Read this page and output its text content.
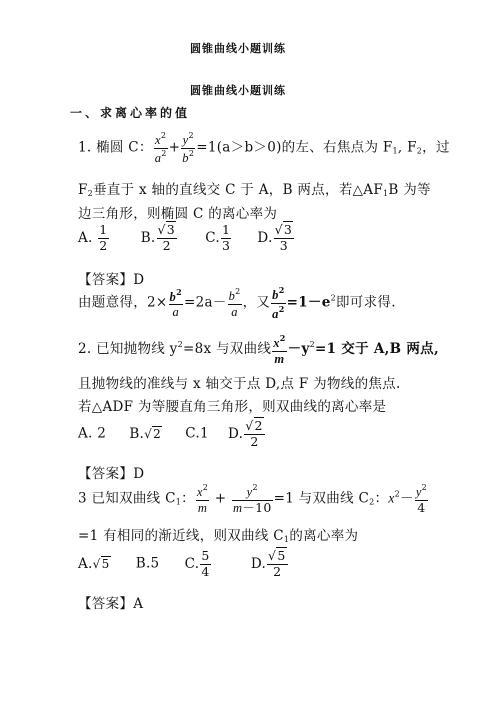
圆锥曲线小题训练
圆锥曲线小题训练
一、求离心率的值
1. 椭圆 C： $\frac{x^2}{a^2} + \frac{y^2}{b^2} =1(a>b>0)$的左、右焦点为 $F_1$, $F_2$，过
$F_2$垂直于 x 轴的直线交 C 于 A，B 两点，若$\triangle AF_1B$ 为等
边三角形，则椭圆 C 的离心率为
A. $\frac{1}{2} B$. $\frac{√3}{2} C$. $\frac{1}{3} D$. $\frac{√3}{3}$
【答案】D
由题意得，$2\times \frac{b^2}{a} =2a- \frac{b^2}{a}$ ，又 $\frac{b^2}{a^2} =1-e^2$即可求得.
2. 已知抛物线 $y^2=8x$ 与双曲线 $\frac{x^2}{m} -y^2=1$ 交于 A,B 两点,
且抛物线的准线与 x 轴交于点 D,点 F 为物线的焦点.
若△ADF 为等腰直角三角形，则双曲线的离心率是
A. 2 B.√2 C.1 D. $\frac{√2}{2}$
【答案】D
3 已知双曲线 $C_1$： $\frac{x^2}{m} + \frac{y^2}{m-10} =1$ 与双曲线 $C_2$：$x^2- \frac{y^2}{4}$
=1 有相同的渐近线，则双曲线 $C_1$的离心率为
A.√5 B.5 C. $\frac{5}{4}$	D. $\frac{√5}{2}$
【答案】A
